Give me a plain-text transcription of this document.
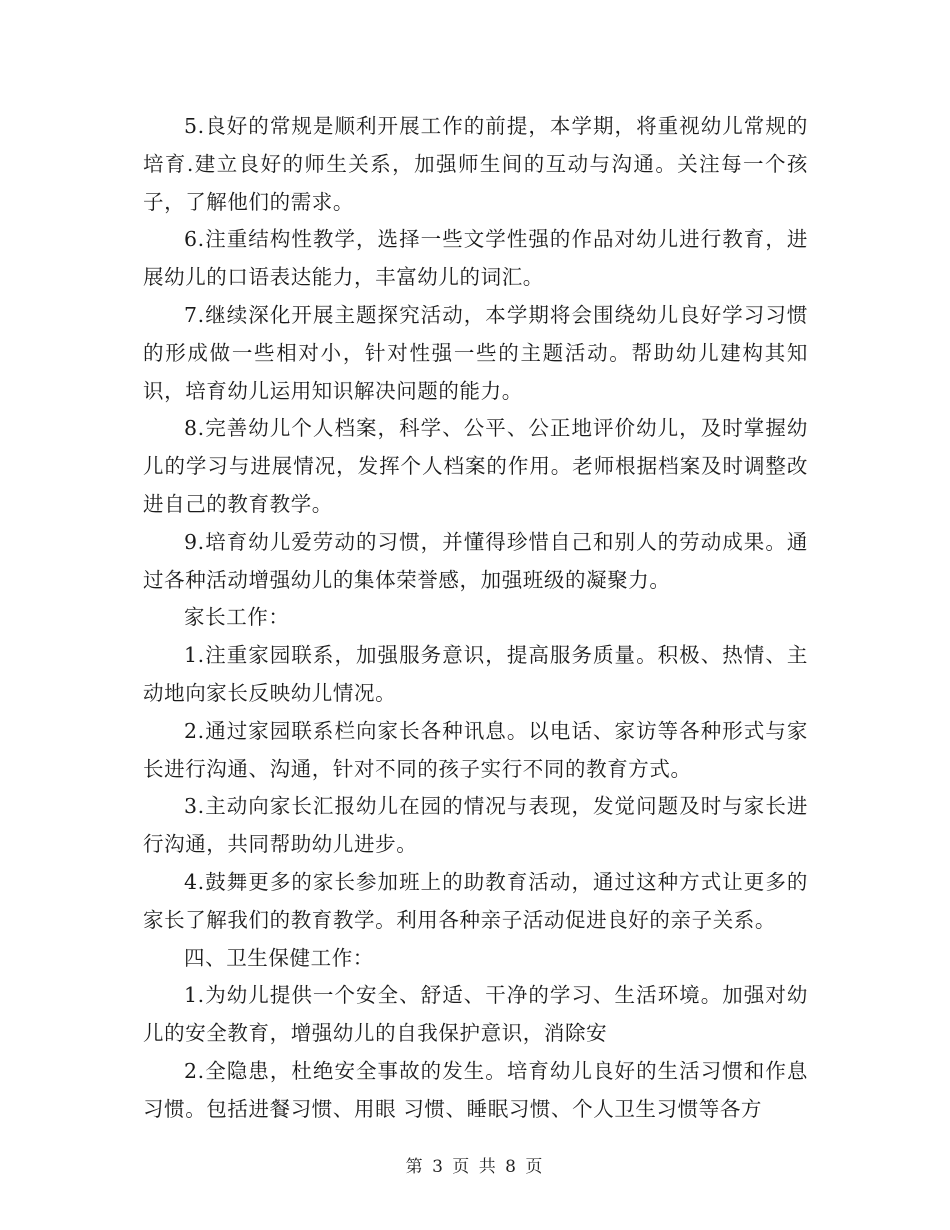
5.良好的常规是顺利开展工作的前提，本学期，将重视幼儿常规的培育.建立良好的师生关系，加强师生间的互动与沟通。关注每一个孩子，了解他们的需求。

6.注重结构性教学，选择一些文学性强的作品对幼儿进行教育，进展幼儿的口语表达能力，丰富幼儿的词汇。

7.继续深化开展主题探究活动，本学期将会围绕幼儿良好学习习惯的形成做一些相对小，针对性强一些的主题活动。帮助幼儿建构其知识，培育幼儿运用知识解决问题的能力。

8.完善幼儿个人档案，科学、公平、公正地评价幼儿，及时掌握幼儿的学习与进展情况，发挥个人档案的作用。老师根据档案及时调整改进自己的教育教学。

9.培育幼儿爱劳动的习惯，并懂得珍惜自己和别人的劳动成果。通过各种活动增强幼儿的集体荣誉感，加强班级的凝聚力。

家长工作：

1.注重家园联系，加强服务意识，提高服务质量。积极、热情、主动地向家长反映幼儿情况。

2.通过家园联系栏向家长各种讯息。以电话、家访等各种形式与家长进行沟通、沟通，针对不同的孩子实行不同的教育方式。

3.主动向家长汇报幼儿在园的情况与表现，发觉问题及时与家长进行沟通，共同帮助幼儿进步。

4.鼓舞更多的家长参加班上的助教育活动，通过这种方式让更多的家长了解我们的教育教学。利用各种亲子活动促进良好的亲子关系。

四、卫生保健工作：

1.为幼儿提供一个安全、舒适、干净的学习、生活环境。加强对幼儿的安全教育，增强幼儿的自我保护意识，消除安

2.全隐患，杜绝安全事故的发生。培育幼儿良好的生活习惯和作息习惯。包括进餐习惯、用眼 习惯、睡眠习惯、个人卫生习惯等各方

第 3 页 共 8 页
